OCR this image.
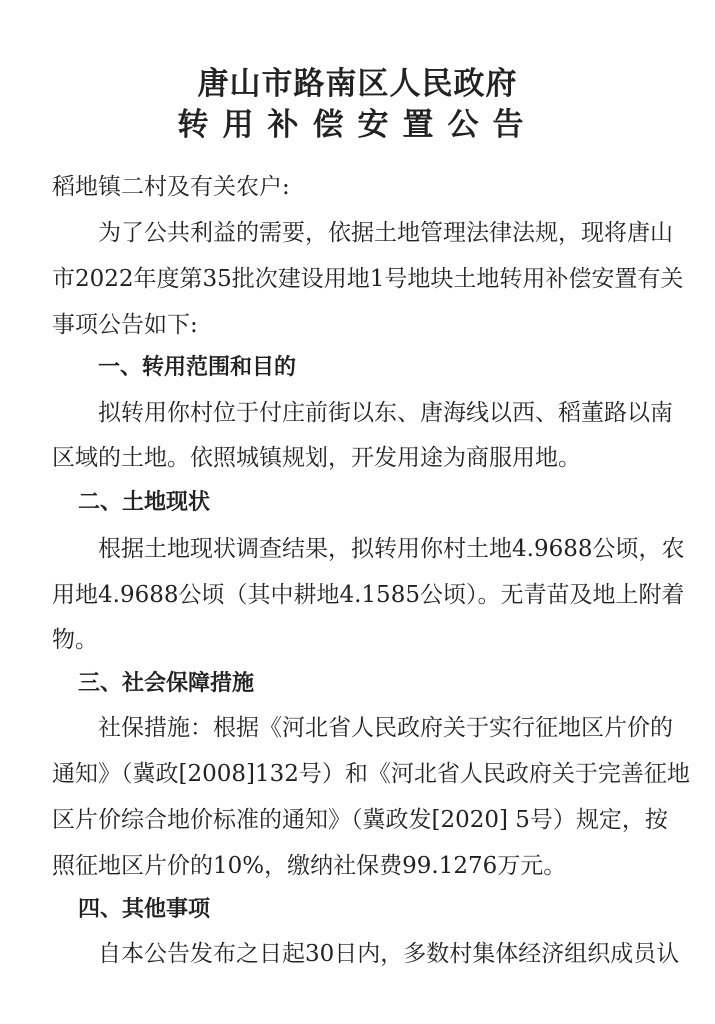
唐山市路南区人民政府
转用补偿安置公告
稻地镇二村及有关农户:
为了公共利益的需要，依据土地管理法律法规，现将唐山
市2022年度第35批次建设用地1号地块土地转用补偿安置有关
事项公告如下:
一、转用范围和目的
拟转用你村位于付庄前街以东、唐海线以西、稻董路以南
区域的土地。依照城镇规划，开发用途为商服用地。
二、土地现状
根据土地现状调查结果，拟转用你村土地4.9688公顷，农
用地4.9688公顷（其中耕地4.1585公顷）。无青苗及地上附着
物。
三、社会保障措施
社保措施：根据《河北省人民政府关于实行征地区片价的
通知》（冀政[2008]132号）和《河北省人民政府关于完善征地
区片价综合地价标准的通知》（冀政发[2020] 5号）规定，按
照征地区片价的10%，缴纳社保费99.1276万元。
四、其他事项
自本公告发布之日起30日内，多数村集体经济组织成员认
